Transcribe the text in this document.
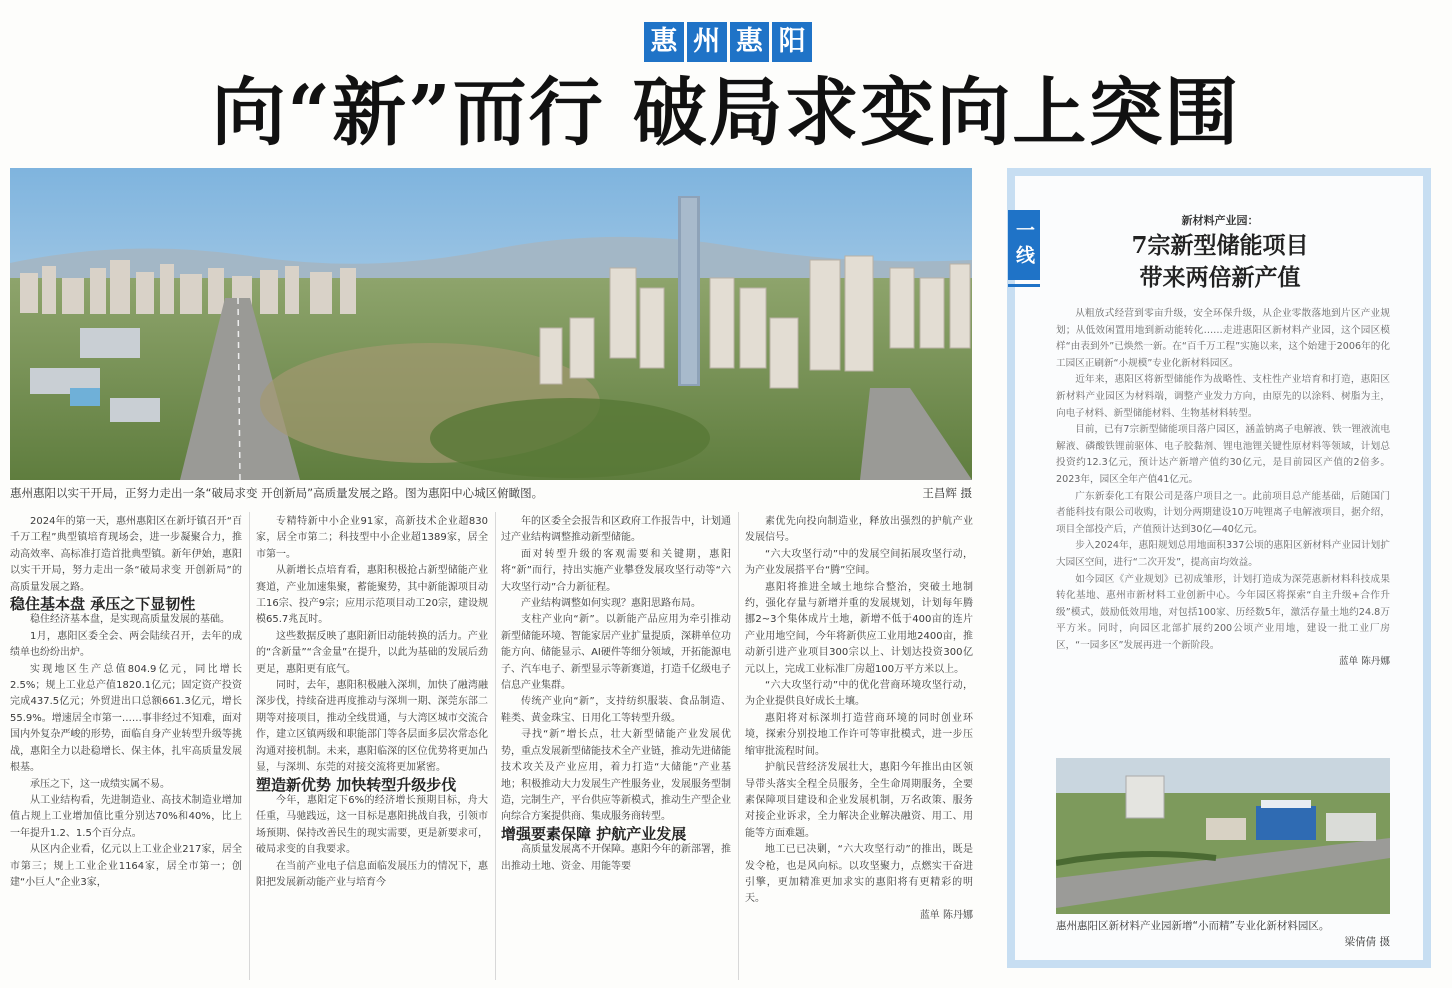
惠 州 惠 阳
向“新”而行 破局求变向上突围
惠州惠阳以实干开局，正努力走出一条“破局求变 开创新局”高质量发展之路。图为惠阳中心城区俯瞰图。	王昌辉 摄

2024年的第一天，惠州惠阳区在新圩镇召开“百千万工程”典型镇培育现场会，进一步凝聚合力，推动高效率、高标准打造首批典型镇。新年伊始，惠阳以实干开局，努力走出一条“破局求变 开创新局”的高质量发展之路。

稳住基本盘 承压之下显韧性

稳住经济基本盘，是实现高质量发展的基础。

1月，惠阳区委全会、两会陆续召开，去年的成绩单也纷纷出炉。

实现地区生产总值804.9亿元，同比增长2.5%；规上工业总产值1820.1亿元；固定资产投资完成437.5亿元；外贸进出口总额661.3亿元，增长55.9%。增速居全市第一……事非经过不知难，面对国内外复杂严峻的形势，面临自身产业转型升级等挑战，惠阳全力以赴稳增长、保主体，扎牢高质量发展根基。

承压之下，这一成绩实属不易。

从工业结构看，先进制造业、高技术制造业增加值占规上工业增加值比重分别达70%和40%，比上一年提升1.2、1.5个百分点。

从区内企业看，亿元以上工业企业217家，居全市第三；规上工业企业1164家，居全市第一；创建“小巨人”企业3家，

专精特新中小企业91家，高新技术企业超830家，居全市第二；科技型中小企业超1389家，居全市第一。

从新增长点培育看，惠阳积极抢占新型储能产业赛道，产业加速集聚，蓄能聚势，其中新能源项目动工16宗、投产9宗；应用示范项目动工20宗，建设规模65.7兆瓦时。

这些数据反映了惠阳新旧动能转换的活力。产业的“含新量”“含金量”在提升，以此为基础的发展后劲更足，惠阳更有底气。

同时，去年，惠阳积极融入深圳，加快了融湾融深步伐，持续奋进再度推动与深圳一期、深莞东部二期等对接项目，推动全线贯通，与大湾区城市交流合作，建立区镇两级和职能部门等各层面多层次常态化沟通对接机制。未来，惠阳临深的区位优势将更加凸显，与深圳、东莞的对接交流将更加紧密。

塑造新优势 加快转型升级步伐

今年，惠阳定下6%的经济增长预期目标，舟大任重，马驰践远，这一目标是惠阳挑战自我，引领市场预期、保持改善民生的现实需要，更是新要求可，破局求变的自我要求。

在当前产业电子信息面临发展压力的情况下，惠阳把发展新动能产业与培育今

年的区委全会报告和区政府工作报告中，计划通过产业结构调整推动新型储能。

面对转型升级的客观需要和关键期，惠阳将“新”而行，持出实施产业攀登发展攻坚行动等“六大攻坚行动”合力新征程。

产业结构调整如何实现？惠阳思路布局。

支柱产业向“新”。以新能产品应用为牵引推动新型储能环境、智能家居产业扩量提质，深耕单位功能方向、储能显示、AI硬件等细分领域，开拓能源电子、汽车电子、新型显示等新赛道，打造千亿级电子信息产业集群。

传统产业向“新”，支持纺织服装、食品制造、鞋类、黄金珠宝、日用化工等转型升级。

寻找“新”增长点，壮大新型储能产业发展优势，重点发展新型储能技术全产业链，推动先进储能技术攻关及产业应用，着力打造“大储能”产业基地；积极推动大力发展生产性服务业，发展服务型制造，完制生产，平台供应等新模式，推动生产型企业向综合方案提供商、集成服务商转型。

增强要素保障 护航产业发展

高质量发展离不开保障。惠阳今年的新部署，推出推动土地、资金、用能等要

素优先向投向制造业，释放出强烈的护航产业发展信号。

“六大攻坚行动”中的发展空间拓展攻坚行动，为产业发展搭平台“腾”空间。

惠阳将推进全域土地综合整治，突破土地制约，强化存量与新增并重的发展规划，计划每年腾挪2~3个集体成片土地，新增不低于400亩的连片产业用地空间，今年将新供应工业用地2400亩，推动新引进产业项目300宗以上、计划达投资300亿元以上，完成工业标准厂房超100万平方米以上。

“六大攻坚行动”中的优化营商环境攻坚行动，为企业提供良好成长土壤。

惠阳将对标深圳打造营商环境的同时创业环境，探索分别投地工作许可等审批模式，进一步压缩审批流程时间。

护航民营经济发展壮大，惠阳今年推出由区领导带头落实全程全员服务，全生命周期服务，全要素保障项目建设和企业发展机制，万名政策、服务对接企业诉求，全力解决企业解决融资、用工、用能等方面难题。

地工已已决剿，“六大攻坚行动”的推出，既是发令枪，也是风向标。以攻坚聚力，点燃实干奋进引擎，更加精准更加求实的惠阳将有更精彩的明天。

蓝单 陈丹娜

一线	新材料产业园：
7宗新型储能项目
带来两倍新产值

从粗放式经营到零亩升级，安全环保升级，从企业零散落地到片区产业规划；从低效闲置用地到新动能转化……走进惠阳区新材料产业园，这个园区模样“由表到外”已焕然一新。在“百千万工程”实施以来，这个始建于2006年的化工园区正刷新“小规模”专业化新材料园区。

近年来，惠阳区将新型储能作为战略性、支柱性产业培育和打造，惠阳区新材料产业园区为材料端，调整产业发力方向，由原先的以涂料、树脂为主，向电子材料、新型储能材料、生物基材料转型。

目前，已有7宗新型储能项目落户园区，涵盖钠离子电解液、铁一锂液流电解液、磷酸铁锂前驱体、电子胶黏剂、锂电池锂关键性原材料等领域，计划总投资约12.3亿元，预计达产新增产值约30亿元，是目前园区产值的2倍多。2023年，园区全年产值41亿元。

广东新泰化工有限公司是落户项目之一。此前项目总产能基础，后随国门者能科技有限公司收购，计划分两期建设10万吨锂离子电解液项目，据介绍，项目全部投产后，产值预计达到30亿—40亿元。

步入2024年，惠阳规划总用地面积337公顷的惠阳区新材料产业园计划扩大园区空间，进行“二次开发”，提高亩均效益。

如今园区《产业规划》已初成雏形，计划打造成为深莞惠新材料科技成果转化基地、惠州市新材料工业创新中心。今年园区将探索“自主升级+合作升级”模式，鼓励低效用地，对包括100家、历经数5年，激活存量土地约24.8万平方米。同时，向园区北部扩展约200公顷产业用地，建设一批工业厂房区，“一园多区”发展再进一个新阶段。

蓝单 陈丹娜

惠州惠阳区新材料产业园新增“小而精”专业化新材料园区。
梁倩倩 摄
